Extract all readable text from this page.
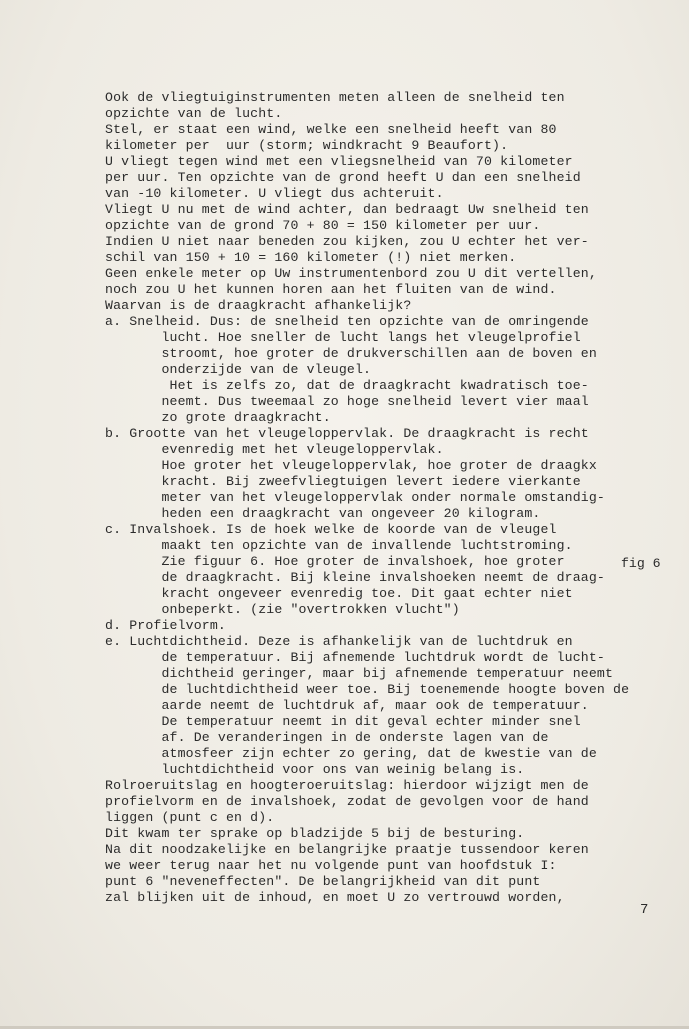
Ook de vliegtuiginstrumenten meten alleen de snelheid ten
opzichte van de lucht.
Stel, er staat een wind, welke een snelheid heeft van 80
kilometer per  uur (storm; windkracht 9 Beaufort).
U vliegt tegen wind met een vliegsnelheid van 70 kilometer
per uur. Ten opzichte van de grond heeft U dan een snelheid
van -10 kilometer. U vliegt dus achteruit.
Vliegt U nu met de wind achter, dan bedraagt Uw snelheid ten
opzichte van de grond 70 + 80 = 150 kilometer per uur.
Indien U niet naar beneden zou kijken, zou U echter het ver-
schil van 150 + 10 = 160 kilometer (!) niet merken.
Geen enkele meter op Uw instrumentenbord zou U dit vertellen,
noch zou U het kunnen horen aan het fluiten van de wind.
Waarvan is de draagkracht afhankelijk?
a. Snelheid. Dus: de snelheid ten opzichte van de omringende
lucht. Hoe sneller de lucht langs het vleugelprofiel
stroomt, hoe groter de drukverschillen aan de boven en
onderzijde van de vleugel.
Het is zelfs zo, dat de draagkracht kwadratisch toe-
neemt. Dus tweemaal zo hoge snelheid levert vier maal
zo grote draagkracht.
b. Grootte van het vleugeloppervlak. De draagkracht is recht
evenredig met het vleugeloppervlak.
Hoe groter het vleugeloppervlak, hoe groter de draagkx
kracht. Bij zweefvliegtuigen levert iedere vierkante
meter van het vleugeloppervlak onder normale omstandig-
heden een draagkracht van ongeveer 20 kilogram.
c. Invalshoek. Is de hoek welke de koorde van de vleugel
maakt ten opzichte van de invallende luchtstroming.
Zie figuur 6. Hoe groter de invalshoek, hoe groter
de draagkracht. Bij kleine invalshoeken neemt de draag-
kracht ongeveer evenredig toe. Dit gaat echter niet
onbeperkt. (zie "overtrokken vlucht")
d. Profielvorm.
e. Luchtdichtheid. Deze is afhankelijk van de luchtdruk en
de temperatuur. Bij afnemende luchtdruk wordt de lucht-
dichtheid geringer, maar bij afnemende temperatuur neemt
de luchtdichtheid weer toe. Bij toenemende hoogte boven de
aarde neemt de luchtdruk af, maar ook de temperatuur.
De temperatuur neemt in dit geval echter minder snel
af. De veranderingen in de onderste lagen van de
atmosfeer zijn echter zo gering, dat de kwestie van de
luchtdichtheid voor ons van weinig belang is.
Rolroeruitslag en hoogteroeruitslag: hierdoor wijzigt men de
profielvorm en de invalshoek, zodat de gevolgen voor de hand
liggen (punt c en d).
Dit kwam ter sprake op bladzijde 5 bij de besturing.
Na dit noodzakelijke en belangrijke praatje tussendoor keren
we weer terug naar het nu volgende punt van hoofdstuk I:
punt 6 "neveneffecten". De belangrijkheid van dit punt
zal blijken uit de inhoud, en moet U zo vertrouwd worden,
fig 6
7
